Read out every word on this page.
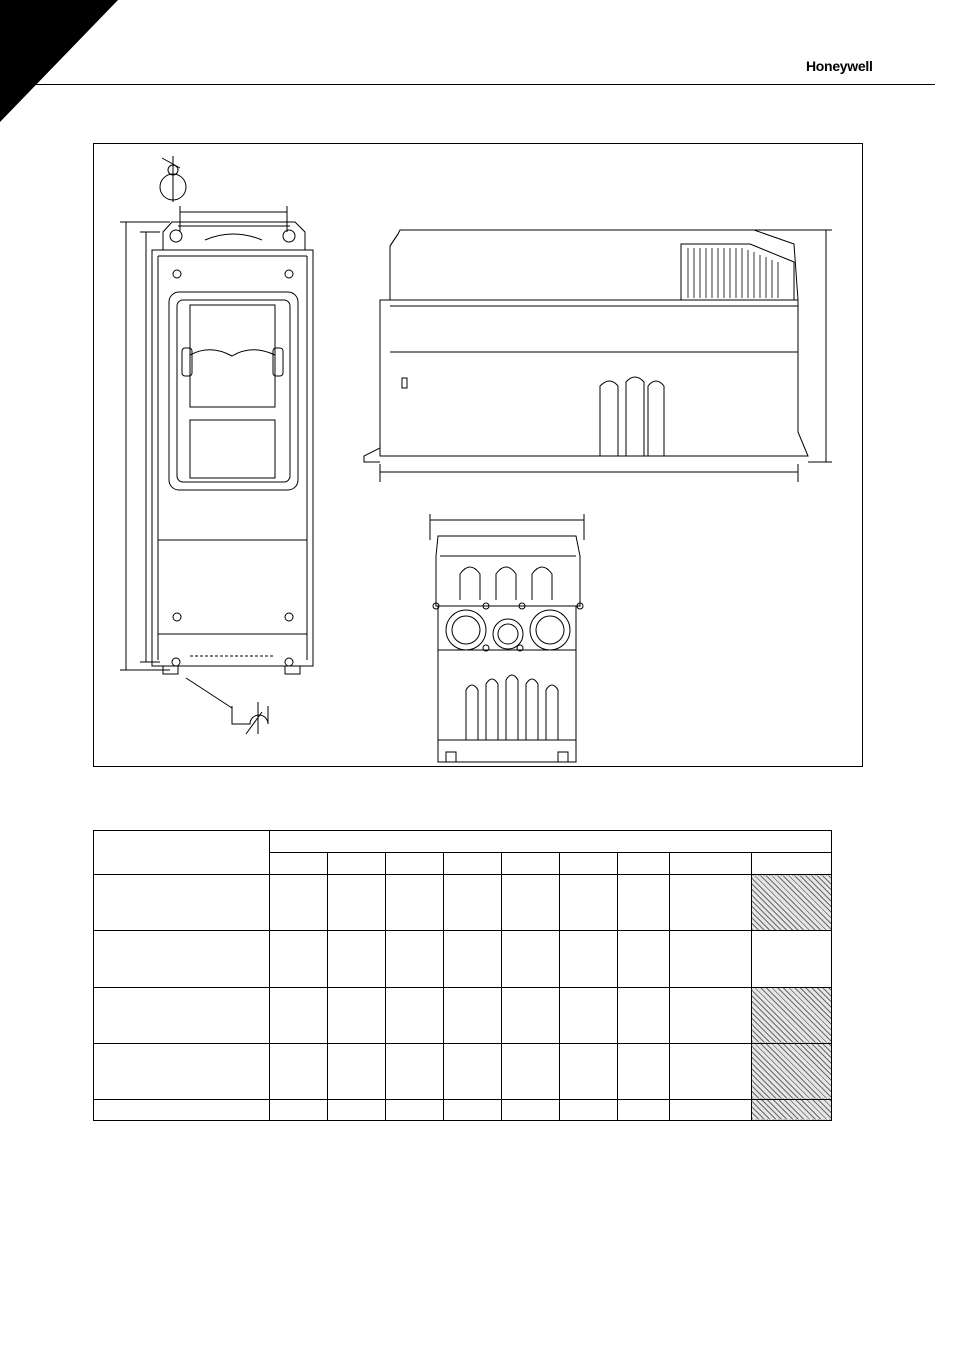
Honeywell
